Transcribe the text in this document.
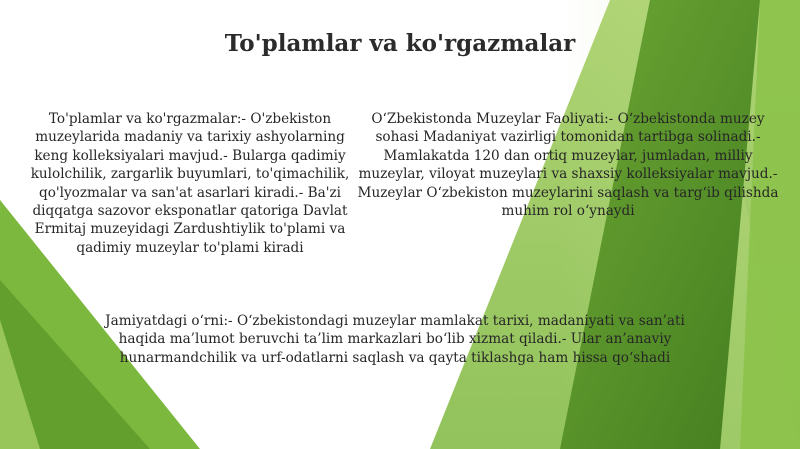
To'plamlar va ko'rgazmalar

To'plamlar va ko'rgazmalar:- O'zbekiston muzeylarida madaniy va tarixiy ashyolarning keng kolleksiyalari mavjud.- Bularga qadimiy kulolchilik, zargarlik buyumlari, to'qimachilik, qo'lyozmalar va san'at asarlari kiradi.- Ba'zi diqqatga sazovor eksponatlar qatoriga Davlat Ermitaj muzeyidagi Zardushtiylik to'plami va qadimiy muzeylar to'plami kiradi

O‘Zbekistonda Muzeylar Faoliyati:- O‘zbekistonda muzey sohasi Madaniyat vazirligi tomonidan tartibga solinadi.- Mamlakatda 120 dan ortiq muzeylar, jumladan, milliy muzeylar, viloyat muzeylari va shaxsiy kolleksiyalar mavjud.- Muzeylar O‘zbekiston muzeylarini saqlash va targ‘ib qilishda muhim rol o‘ynaydi

Jamiyatdagi o‘rni:- O‘zbekistondagi muzeylar mamlakat tarixi, madaniyati va san’ati haqida ma’lumot beruvchi ta’lim markazlari bo‘lib xizmat qiladi.- Ular an’anaviy hunarmandchilik va urf-odatlarni saqlash va qayta tiklashga ham hissa qo‘shadi
